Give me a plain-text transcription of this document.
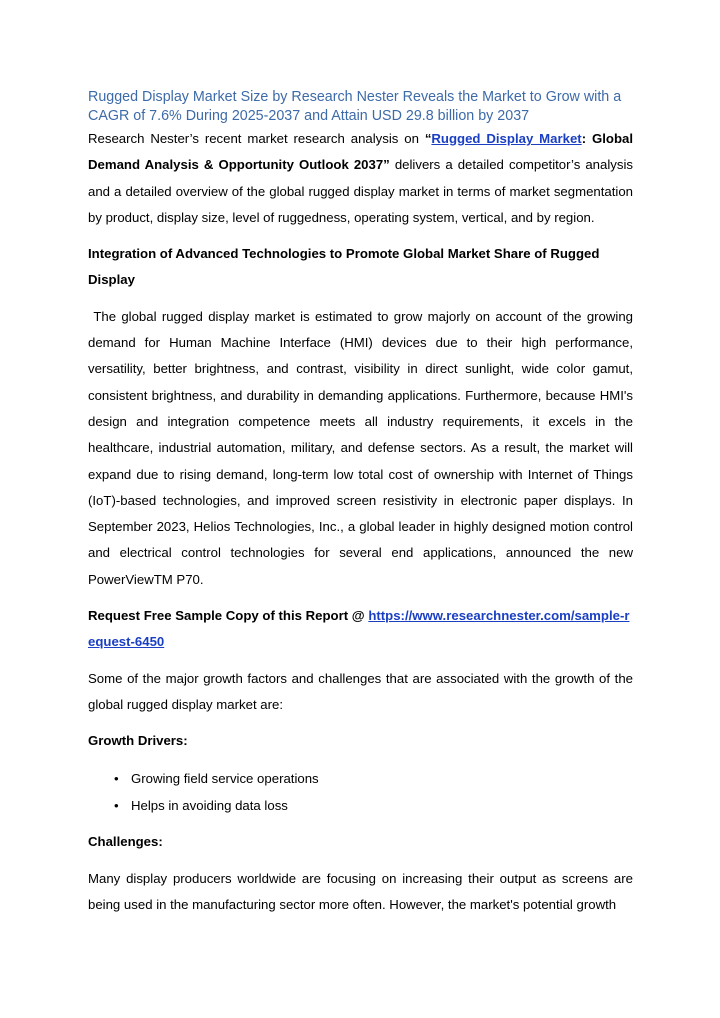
Rugged Display Market Size by Research Nester Reveals the Market to Grow with a CAGR of 7.6% During 2025-2037 and Attain USD 29.8 billion by 2037

Research Nester’s recent market research analysis on “Rugged Display Market: Global Demand Analysis & Opportunity Outlook 2037” delivers a detailed competitor’s analysis and a detailed overview of the global rugged display market in terms of market segmentation by product, display size, level of ruggedness, operating system, vertical, and by region.

Integration of Advanced Technologies to Promote Global Market Share of Rugged Display

The global rugged display market is estimated to grow majorly on account of the growing demand for Human Machine Interface (HMI) devices due to their high performance, versatility, better brightness, and contrast, visibility in direct sunlight, wide color gamut, consistent brightness, and durability in demanding applications. Furthermore, because HMI's design and integration competence meets all industry requirements, it excels in the healthcare, industrial automation, military, and defense sectors. As a result, the market will expand due to rising demand, long-term low total cost of ownership with Internet of Things (IoT)-based technologies, and improved screen resistivity in electronic paper displays. In September 2023, Helios Technologies, Inc., a global leader in highly designed motion control and electrical control technologies for several end applications, announced the new PowerViewTM P70.

Request Free Sample Copy of this Report @ https://www.researchnester.com/sample-request-6450

Some of the major growth factors and challenges that are associated with the growth of the global rugged display market are:

Growth Drivers:

• Growing field service operations
• Helps in avoiding data loss

Challenges:

Many display producers worldwide are focusing on increasing their output as screens are being used in the manufacturing sector more often. However, the market's potential growth
